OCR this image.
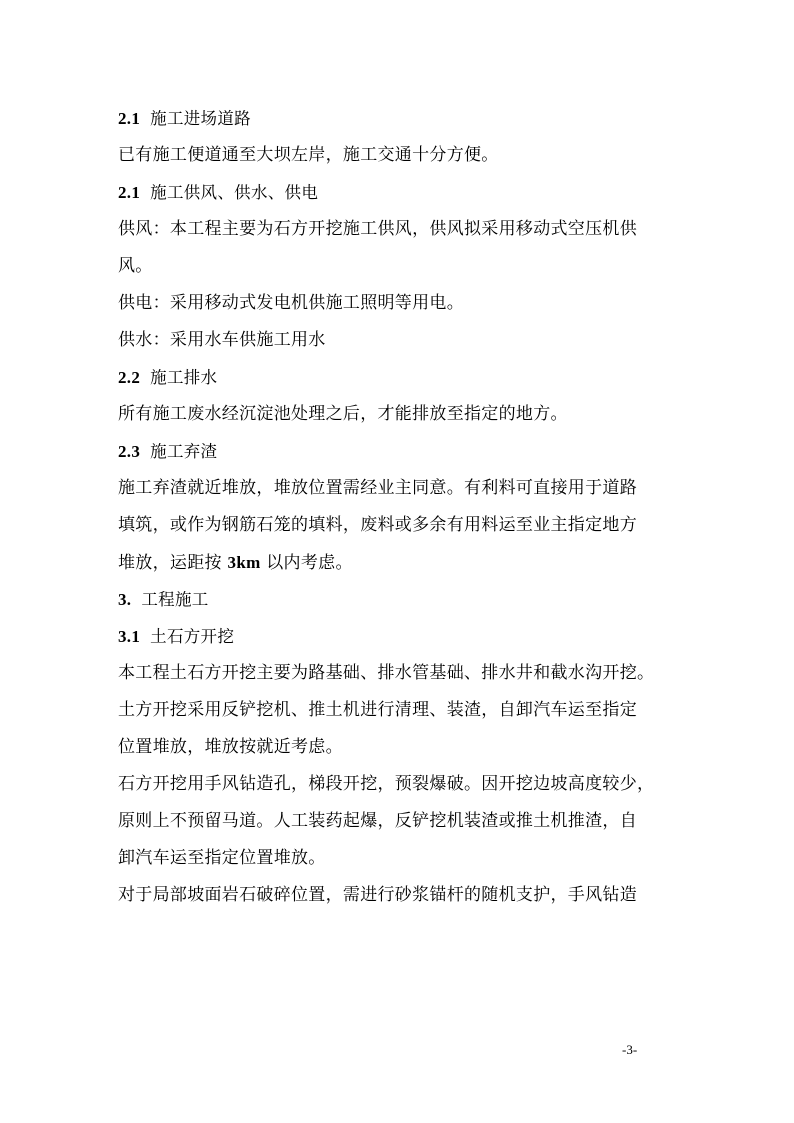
2.1 施工进场道路
已有施工便道通至大坝左岸，施工交通十分方便。
2.1 施工供风、供水、供电
供风：本工程主要为石方开挖施工供风，供风拟采用移动式空压机供
风。
供电：采用移动式发电机供施工照明等用电。
供水：采用水车供施工用水
2.2 施工排水
所有施工废水经沉淀池处理之后，才能排放至指定的地方。
2.3 施工弃渣
施工弃渣就近堆放，堆放位置需经业主同意。有利料可直接用于道路
填筑，或作为钢筋石笼的填料，废料或多余有用料运至业主指定地方
堆放，运距按 3km 以内考虑。
3. 工程施工
3.1 土石方开挖
本工程土石方开挖主要为路基础、排水管基础、排水井和截水沟开挖。
土方开挖采用反铲挖机、推土机进行清理、装渣，自卸汽车运至指定
位置堆放，堆放按就近考虑。
石方开挖用手风钻造孔，梯段开挖，预裂爆破。因开挖边坡高度较少，
原则上不预留马道。人工装药起爆，反铲挖机装渣或推土机推渣，自
卸汽车运至指定位置堆放。
对于局部坡面岩石破碎位置，需进行砂浆锚杆的随机支护，手风钻造
-3-
